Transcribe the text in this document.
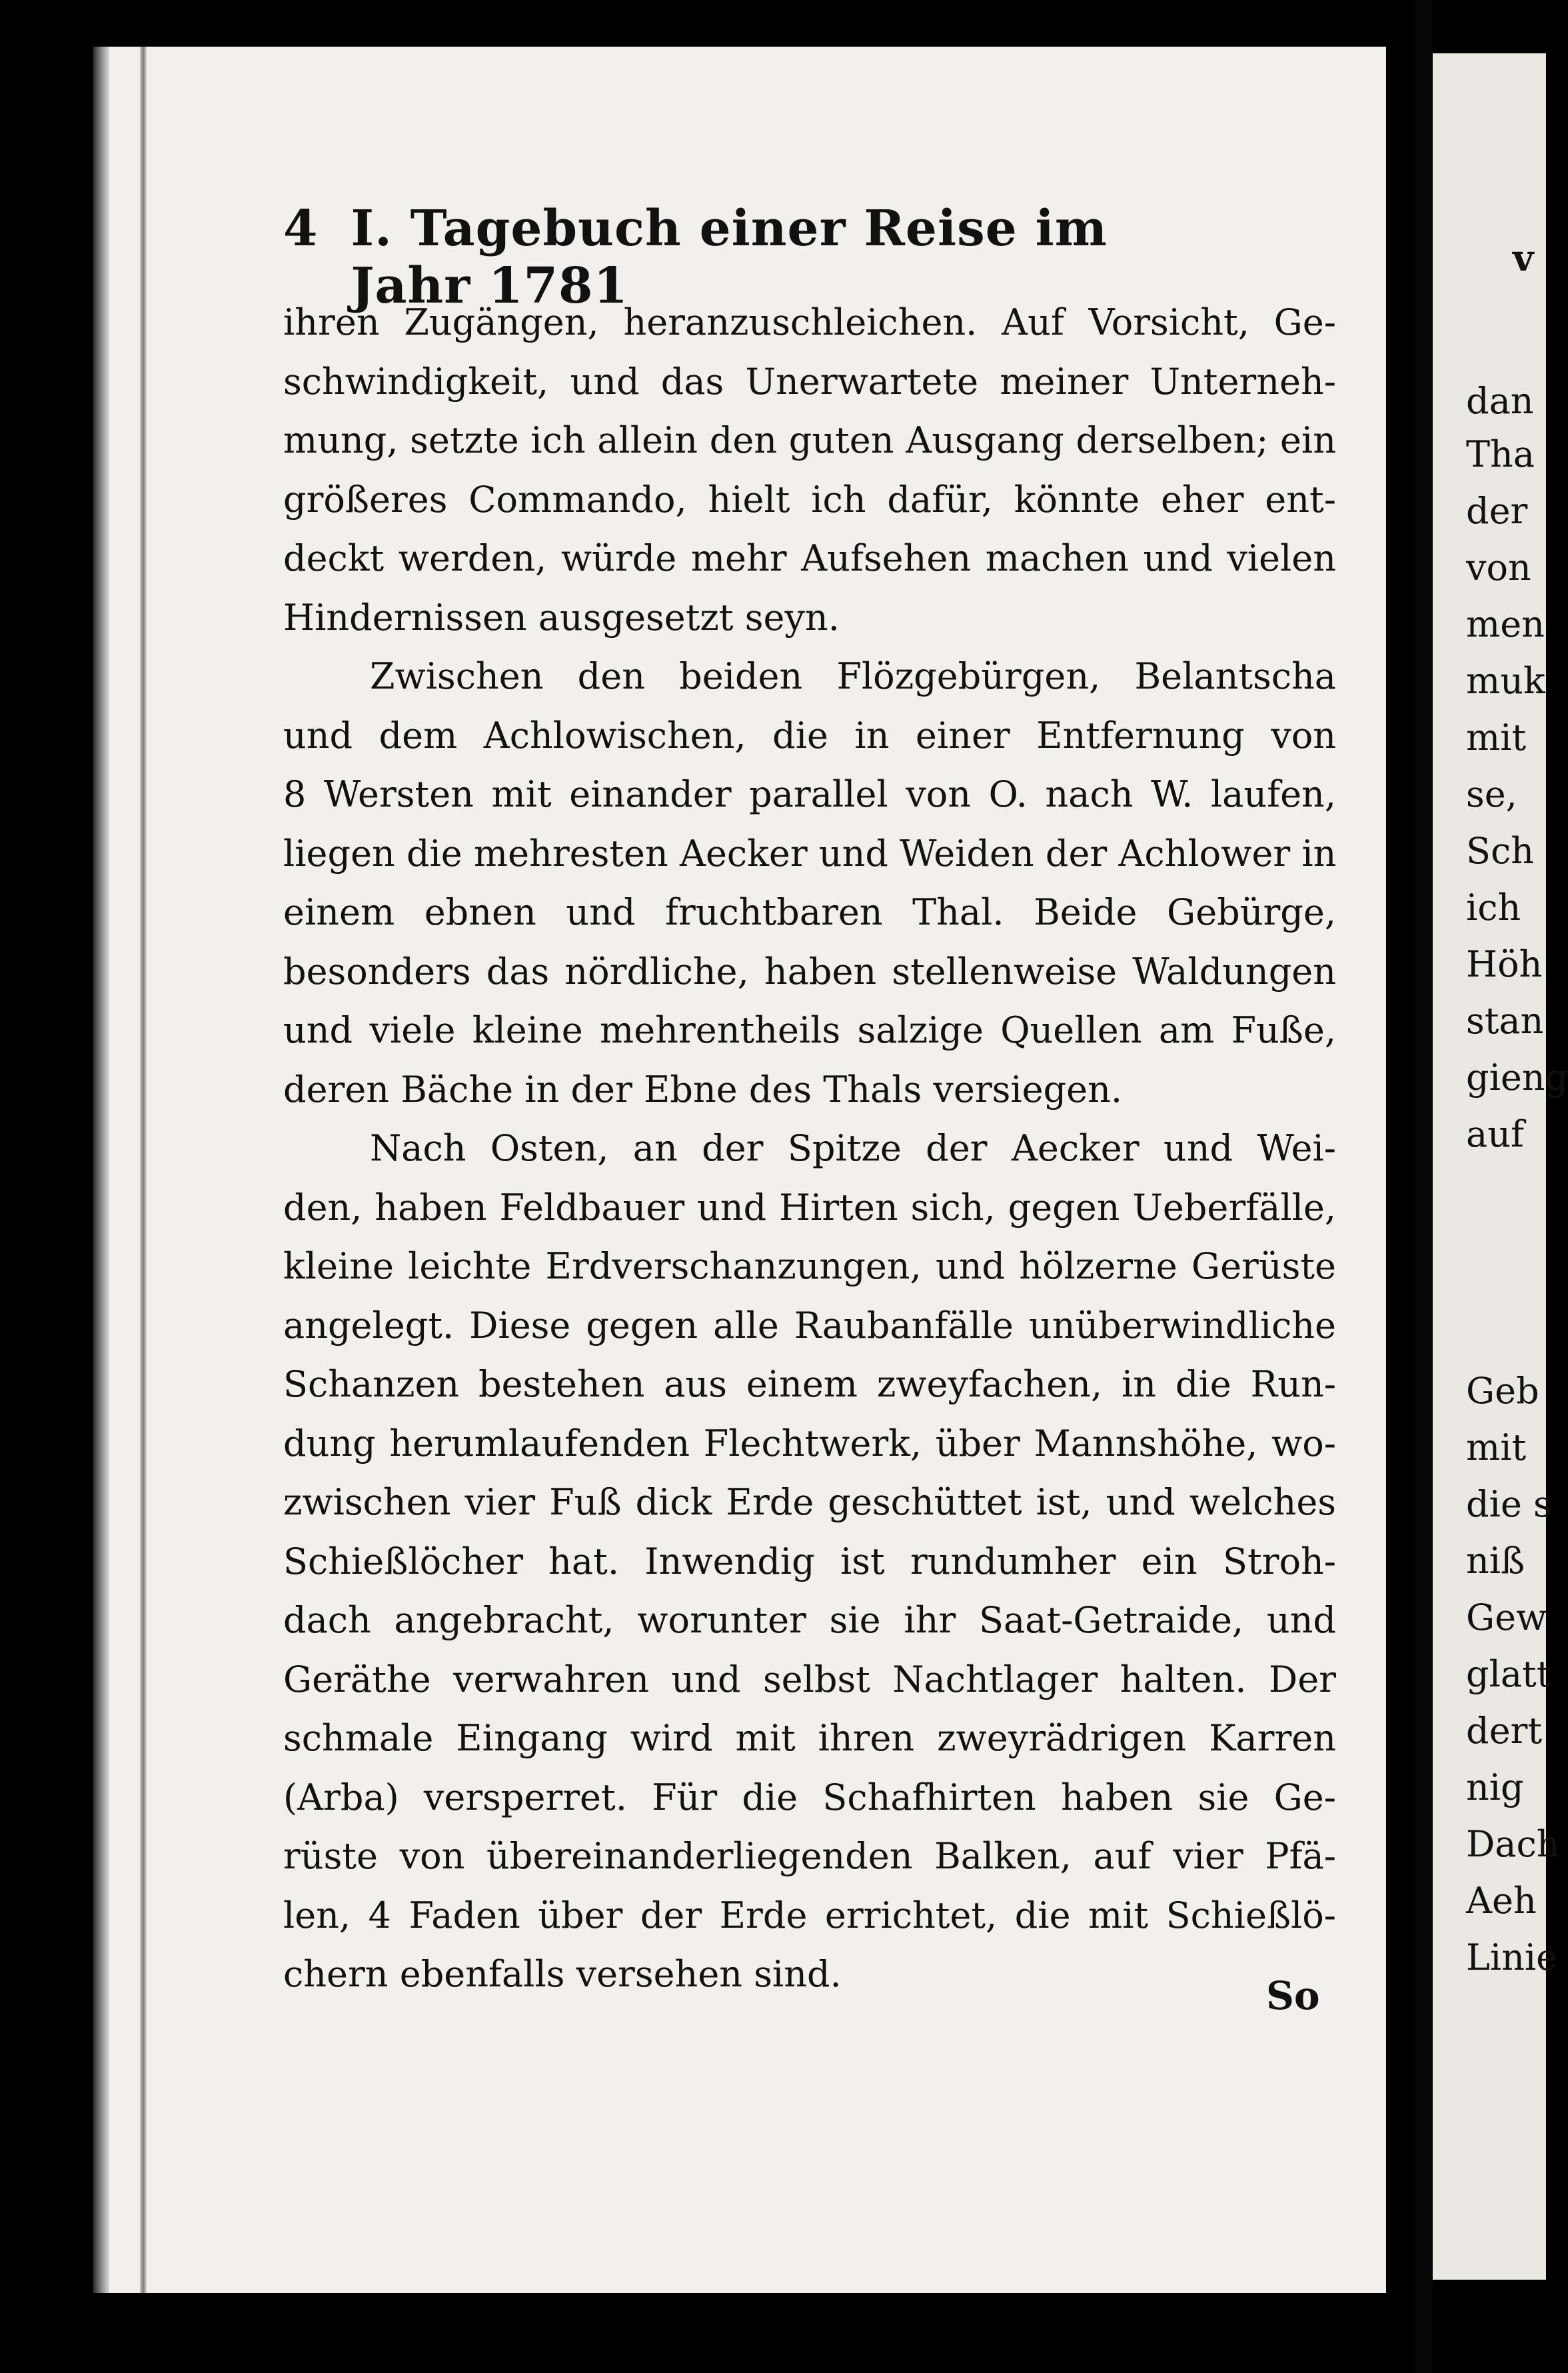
4 I. Tagebuch einer Reise im Jahr 1781
ihren Zugängen, heranzuschleichen. Auf Vorsicht, Ge-
schwindigkeit, und das Unerwartete meiner Unterneh-
mung, setzte ich allein den guten Ausgang derselben; ein
größeres Commando, hielt ich dafür, könnte eher ent-
deckt werden, würde mehr Aufsehen machen und vielen
Hindernissen ausgesetzt seyn.
Zwischen den beiden Flözgebürgen, Belantscha
und dem Achlowischen, die in einer Entfernung von
8 Wersten mit einander parallel von O. nach W. laufen,
liegen die mehresten Aecker und Weiden der Achlower in
einem ebnen und fruchtbaren Thal. Beide Gebürge,
besonders das nördliche, haben stellenweise Waldungen
und viele kleine mehrentheils salzige Quellen am Fuße,
deren Bäche in der Ebne des Thals versiegen.
Nach Osten, an der Spitze der Aecker und Wei-
den, haben Feldbauer und Hirten sich, gegen Ueberfälle,
kleine leichte Erdverschanzungen, und hölzerne Gerüste
angelegt. Diese gegen alle Raubanfälle unüberwindliche
Schanzen bestehen aus einem zweyfachen, in die Run-
dung herumlaufenden Flechtwerk, über Mannshöhe, wo-
zwischen vier Fuß dick Erde geschüttet ist, und welches
Schießlöcher hat. Inwendig ist rundumher ein Stroh-
dach angebracht, worunter sie ihr Saat-Getraide, und
Geräthe verwahren und selbst Nachtlager halten. Der
schmale Eingang wird mit ihren zweyrädrigen Karren
(Arba) versperret. Für die Schafhirten haben sie Ge-
rüste von übereinanderliegenden Balken, auf vier Pfä-
len, 4 Faden über der Erde errichtet, die mit Schießlö-
chern ebenfalls versehen sind.	So
v
dan
Tha
der
von
men
muk
mit
se,
Sch
ich
Höh
stan
gieng
auf
Geb
mit
die s
niß
Gew
glatt
dert
nig
Dach
Aeh
Linie
